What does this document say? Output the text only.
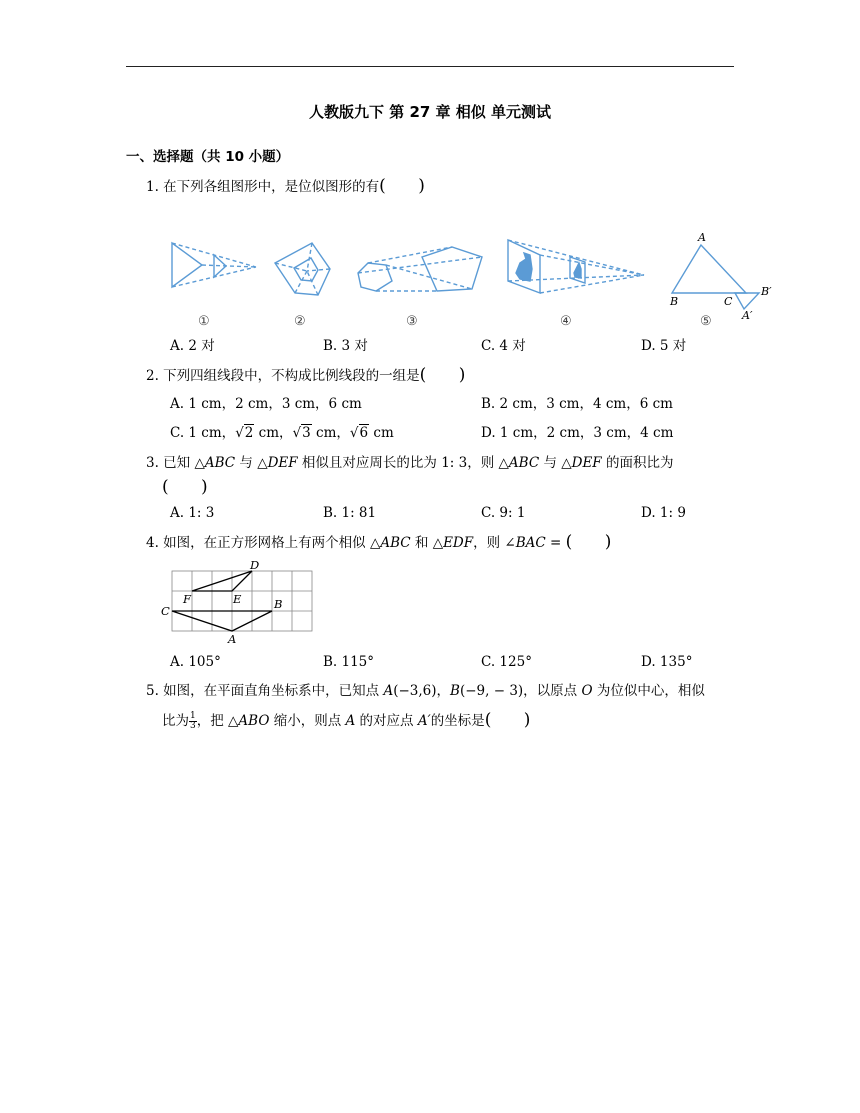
人教版九下 第 27 章 相似 单元测试
一、选择题（共 10 小题）
1. 在下列各组图形中，是位似图形的有(      )
A
B	C
B′
A′
①	②	③	④	⑤
A. 2 对	B. 3 对	C. 4 对	D. 5 对
2. 下列四组线段中，不构成比例线段的一组是(      )
A. 1 cm，2 cm，3 cm，6 cm	B. 2 cm，3 cm，4 cm，6 cm
C. 1 cm，√2 cm，√3 cm，√6 cm	D. 1 cm，2 cm，3 cm，4 cm
3. 已知 △ABC 与 △DEF 相似且对应周长的比为 1: 3，则 △ABC 与 △DEF 的面积比为
(      )
A. 1: 3	B. 1: 81	C. 9: 1	D. 1: 9
4. 如图，在正方形网格上有两个相似 △ABC 和 △EDF，则 ∠BAC = (      )
D
F	E
C	B
A
A. 105°	B. 115°	C. 125°	D. 135°
5. 如图，在平面直角坐标系中，已知点 A(−3,6)，B(−9, − 3)，以原点 O 为位似中心，相似
比为 $\frac{1}{3}$ ，把 △ABO 缩小，则点 A 的对应点 A′的坐标是(      )
